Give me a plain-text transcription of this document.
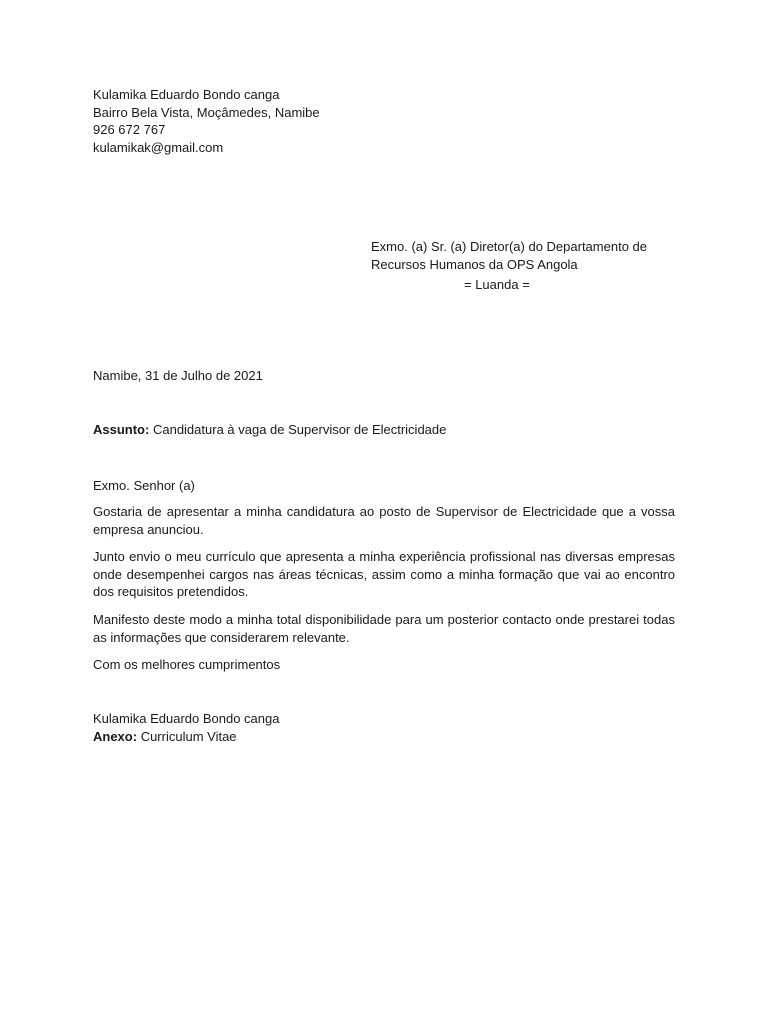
Kulamika Eduardo Bondo canga
Bairro Bela Vista, Moçâmedes, Namibe
926 672 767
kulamikak@gmail.com
Exmo. (a) Sr. (a) Diretor(a) do Departamento de
Recursos Humanos da OPS Angola
= Luanda =
Namibe, 31 de Julho de 2021
Assunto: Candidatura à vaga de Supervisor de Electricidade
Exmo. Senhor (a)
Gostaria de apresentar a minha candidatura ao posto de Supervisor de Electricidade que a vossa empresa anunciou.
Junto envio o meu currículo que apresenta a minha experiência profissional nas diversas empresas onde desempenhei cargos nas áreas técnicas, assim como a minha formação que vai ao encontro dos requisitos pretendidos.
Manifesto deste modo a minha total disponibilidade para um posterior contacto onde prestarei todas as informações que considerarem relevante.
Com os melhores cumprimentos
Kulamika Eduardo Bondo canga
Anexo: Curriculum Vitae
